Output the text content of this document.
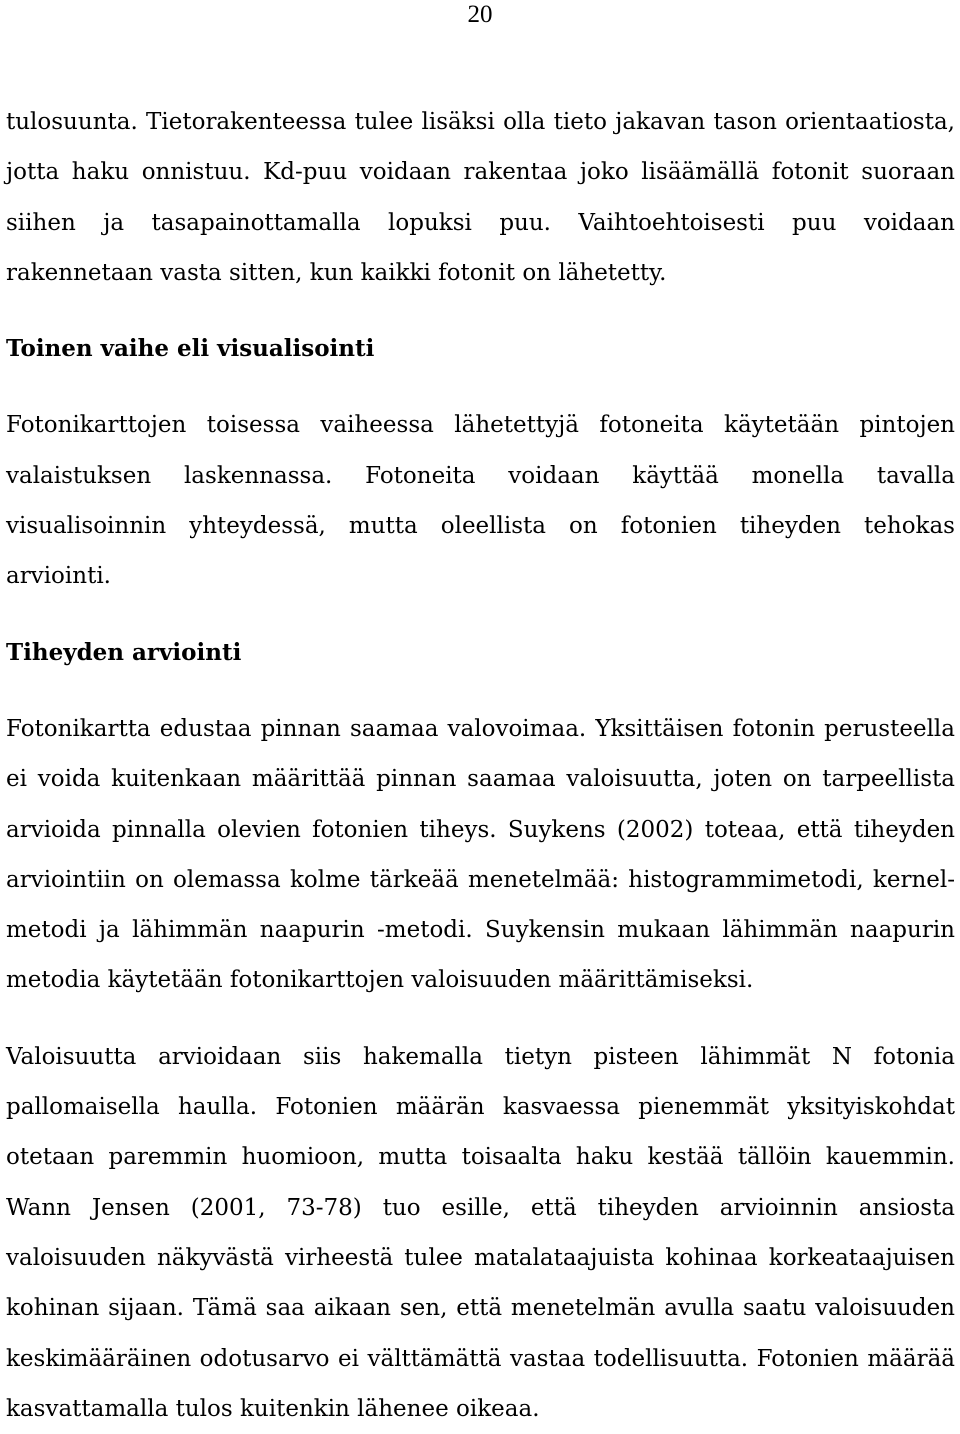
20

tulosuunta. Tietorakenteessa tulee lisäksi olla tieto jakavan tason orientaatiosta, jotta haku onnistuu. Kd-puu voidaan rakentaa joko lisäämällä fotonit suoraan siihen ja tasapainottamalla lopuksi puu. Vaihtoehtoisesti puu voidaan rakennetaan vasta sitten, kun kaikki fotonit on lähetetty.

Toinen vaihe eli visualisointi

Fotonikarttojen toisessa vaiheessa lähetettyjä fotoneita käytetään pintojen valaistuksen laskennassa. Fotoneita voidaan käyttää monella tavalla visualisoinnin yhteydessä, mutta oleellista on fotonien tiheyden tehokas arviointi.

Tiheyden arviointi

Fotonikartta edustaa pinnan saamaa valovoimaa. Yksittäisen fotonin perusteella ei voida kuitenkaan määrittää pinnan saamaa valoisuutta, joten on tarpeellista arvioida pinnalla olevien fotonien tiheys. Suykens (2002) toteaa, että tiheyden arviointiin on olemassa kolme tärkeää menetelmää: histogrammimetodi, kernel-metodi ja lähimmän naapurin -metodi. Suykensin mukaan lähimmän naapurin metodia käytetään fotonikarttojen valoisuuden määrittämiseksi.

Valoisuutta arvioidaan siis hakemalla tietyn pisteen lähimmät N fotonia pallomaisella haulla. Fotonien määrän kasvaessa pienemmät yksityiskohdat otetaan paremmin huomioon, mutta toisaalta haku kestää tällöin kauemmin. Wann Jensen (2001, 73-78) tuo esille, että tiheyden arvioinnin ansiosta valoisuuden näkyvästä virheestä tulee matalataajuista kohinaa korkeataajuisen kohinan sijaan. Tämä saa aikaan sen, että menetelmän avulla saatu valoisuuden keskimääräinen odotusarvo ei välttämättä vastaa todellisuutta. Fotonien määrää kasvattamalla tulos kuitenkin lähenee oikeaa.
